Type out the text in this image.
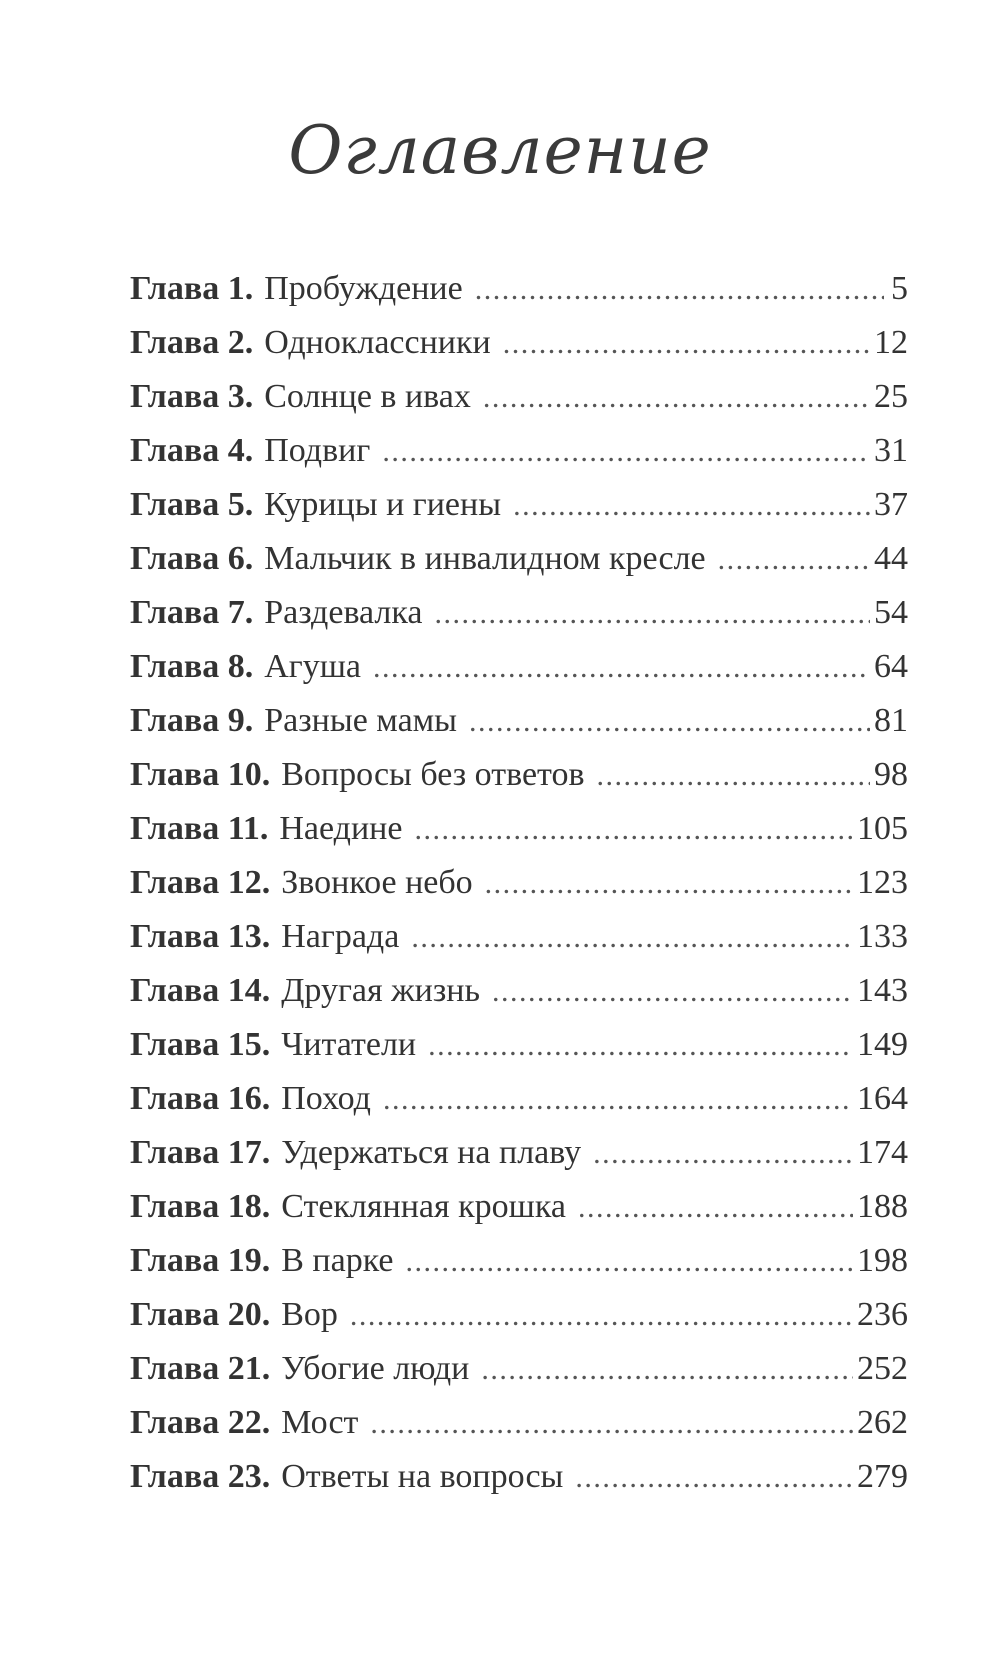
Оглавление
Глава 1. Пробуждение . . .	5
Глава 2. Одноклассники . . .	12
Глава 3. Солнце в ивах . . .	25
Глава 4. Подвиг . . .	31
Глава 5. Курицы и гиены . . .	37
Глава 6. Мальчик в инвалидном кресле . . .	44
Глава 7. Раздевалка . . .	54
Глава 8. Агуша . . .	64
Глава 9. Разные мамы . . .	81
Глава 10. Вопросы без ответов . . .	98
Глава 11. Наедине . . .	105
Глава 12. Звонкое небо . . .	123
Глава 13. Награда . . .	133
Глава 14. Другая жизнь . . .	143
Глава 15. Читатели . . .	149
Глава 16. Поход . . .	164
Глава 17. Удержаться на плаву . . .	174
Глава 18. Стеклянная крошка . . .	188
Глава 19. В парке . . .	198
Глава 20. Вор . . .	236
Глава 21. Убогие люди . . .	252
Глава 22. Мост . . .	262
Глава 23. Ответы на вопросы . . .	279
